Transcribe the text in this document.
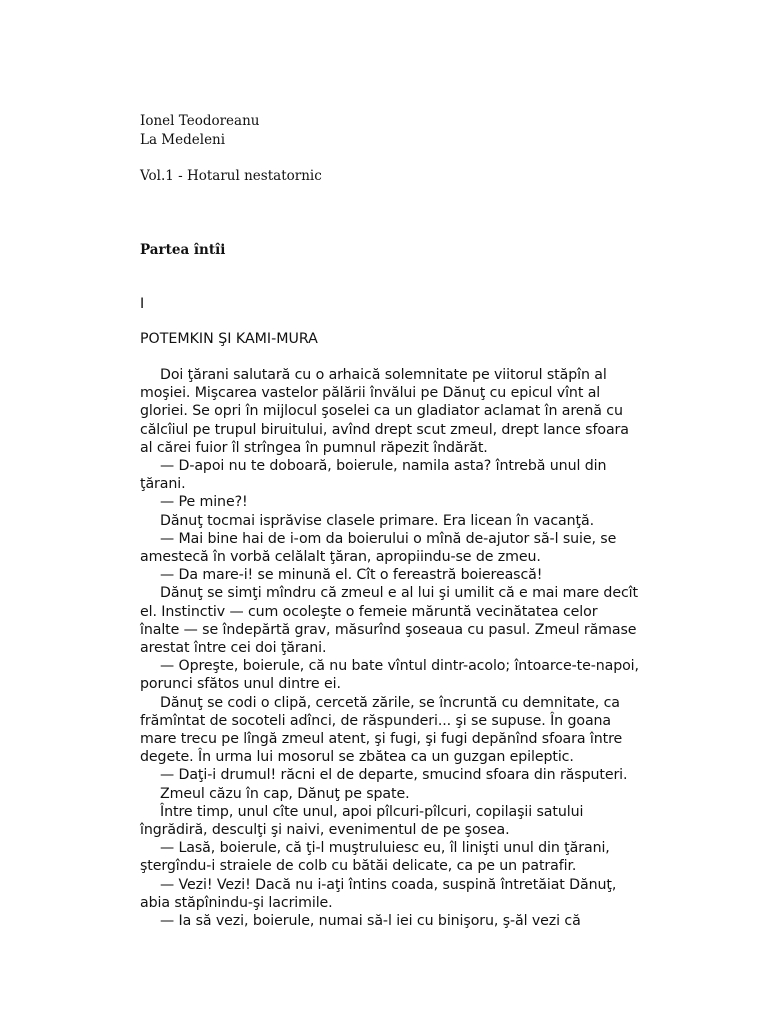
Ionel Teodoreanu
La Medeleni
Vol.1 - Hotarul nestatornic
Partea întîi
I
POTEMKIN ŞI KAMI-MURA

Doi ţărani salutară cu o arhaică solemnitate pe viitorul stăpîn al moşiei. Mişcarea vastelor pălării învălui pe Dănuţ cu epicul vînt al gloriei. Se opri în mijlocul şoselei ca un gladiator aclamat în arenă cu călcîiul pe trupul biruitului, avînd drept scut zmeul, drept lance sfoara al cărei fuior îl strîngea în pumnul răpezit îndărăt.

— D-apoi nu te doboară, boierule, namila asta? întrebă unul din ţărani.

— Pe mine?!

Dănuţ tocmai isprăvise clasele primare. Era licean în vacanţă.

— Mai bine hai de i-om da boierului o mînă de-ajutor să-l suie, se amestecă în vorbă celălalt ţăran, apropiindu-se de zmeu.

— Da mare-i! se minună el. Cît o fereastră boierească!

Dănuţ se simţi mîndru că zmeul e al lui şi umilit că e mai mare decît el. Instinctiv — cum ocoleşte o femeie măruntă vecinătatea celor înalte — se îndepărtă grav, măsurînd şoseaua cu pasul. Zmeul rămase arestat între cei doi ţărani.

— Opreşte, boierule, că nu bate vîntul dintr-acolo; întoarce-te-napoi, porunci sfătos unul dintre ei.

Dănuţ se codi o clipă, cercetă zările, se încruntă cu demnitate, ca frămîntat de socoteli adînci, de răspunderi... şi se supuse. În goana mare trecu pe lîngă zmeul atent, şi fugi, şi fugi depănînd sfoara între degete. În urma lui mosorul se zbătea ca un guzgan epileptic.

— Daţi-i drumul! răcni el de departe, smucind sfoara din răsputeri.

Zmeul căzu în cap, Dănuţ pe spate.

Între timp, unul cîte unul, apoi pîlcuri-pîlcuri, copilaşii satului îngrădiră, desculţi şi naivi, evenimentul de pe şosea.

— Lasă, boierule, că ţi-l muştruluiesc eu, îl linişti unul din ţărani, ştergîndu-i straiele de colb cu bătăi delicate, ca pe un patrafir.

— Vezi! Vezi! Dacă nu i-aţi întins coada, suspină întretăiat Dănuţ, abia stăpînindu-şi lacrimile.

— Ia să vezi, boierule, numai să-l iei cu binişoru, ş-ăl vezi că
